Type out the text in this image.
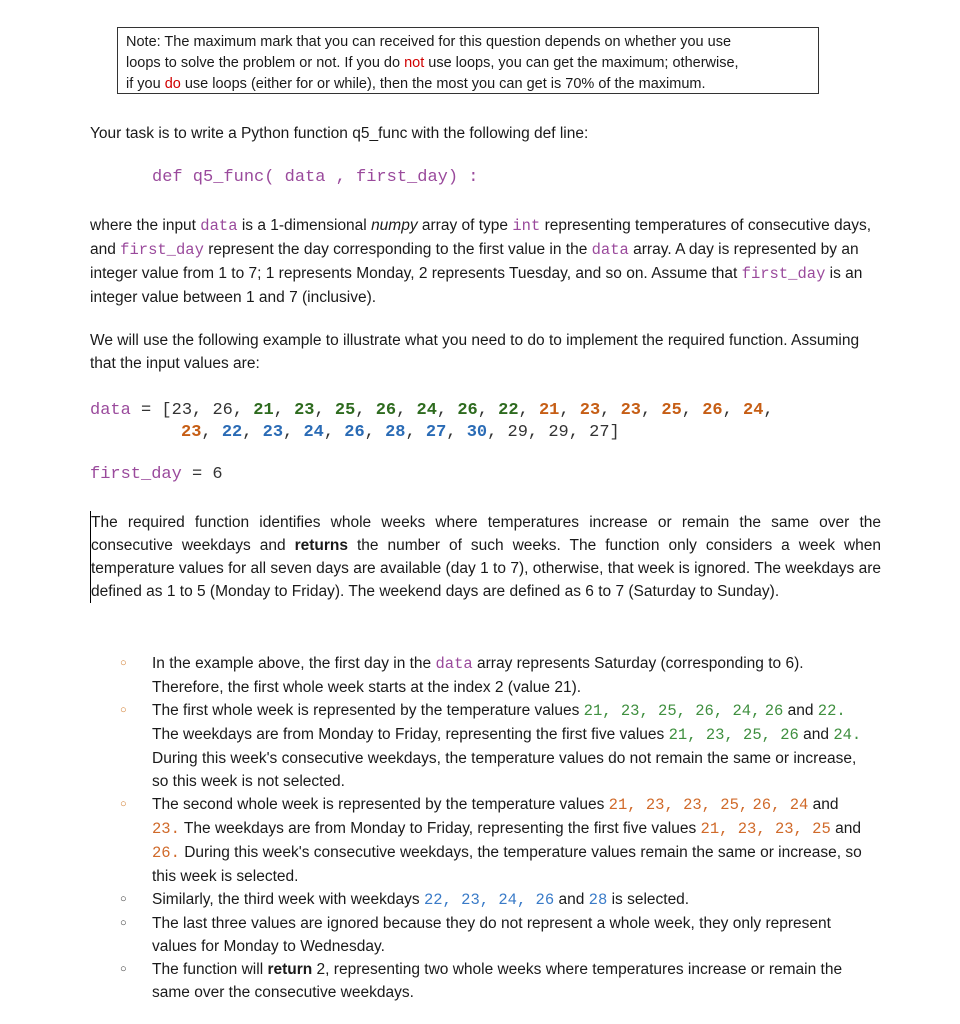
Note: The maximum mark that you can received for this question depends on whether you use
loops to solve the problem or not. If you do not use loops, you can get the maximum; otherwise,
if you do use loops (either for or while), then the most you can get is 70% of the maximum.
Your task is to write a Python function q5_func with the following def line:
def q5_func( data , first_day) :
where the input data is a 1-dimensional numpy array of type int representing temperatures of consecutive days, and first_day represent the day corresponding to the first value in the data array. A day is represented by an integer value from 1 to 7; 1 represents Monday, 2 represents Tuesday, and so on. Assume that first_day is an integer value between 1 and 7 (inclusive).
We will use the following example to illustrate what you need to do to implement the required function. Assuming that the input values are:
data = [23, 26, 21, 23, 25, 26, 24, 26, 22, 21, 23, 23, 25, 26, 24,
23, 22, 23, 24, 26, 28, 27, 30, 29, 29, 27]
first_day = 6
The required function identifies whole weeks where temperatures increase or remain the same over the consecutive weekdays and returns the number of such weeks. The function only considers a week when temperature values for all seven days are available (day 1 to 7), otherwise, that week is ignored. The weekdays are defined as 1 to 5 (Monday to Friday). The weekend days are defined as 6 to 7 (Saturday to Sunday).
○ In the example above, the first day in the data array represents Saturday (corresponding to 6). Therefore, the first whole week starts at the index 2 (value 21).
○ The first whole week is represented by the temperature values 21, 23, 25, 26, 24, 26 and 22. The weekdays are from Monday to Friday, representing the first five values 21, 23, 25, 26 and 24. During this week's consecutive weekdays, the temperature values do not remain the same or increase, so this week is not selected.
○ The second whole week is represented by the temperature values 21, 23, 23, 25, 26, 24 and 23. The weekdays are from Monday to Friday, representing the first five values 21, 23, 23, 25 and 26. During this week's consecutive weekdays, the temperature values remain the same or increase, so this week is selected.
○ Similarly, the third week with weekdays 22, 23, 24, 26 and 28 is selected.
○ The last three values are ignored because they do not represent a whole week, they only represent values for Monday to Wednesday.
○ The function will return 2, representing two whole weeks where temperatures increase or remain the same over the consecutive weekdays.
